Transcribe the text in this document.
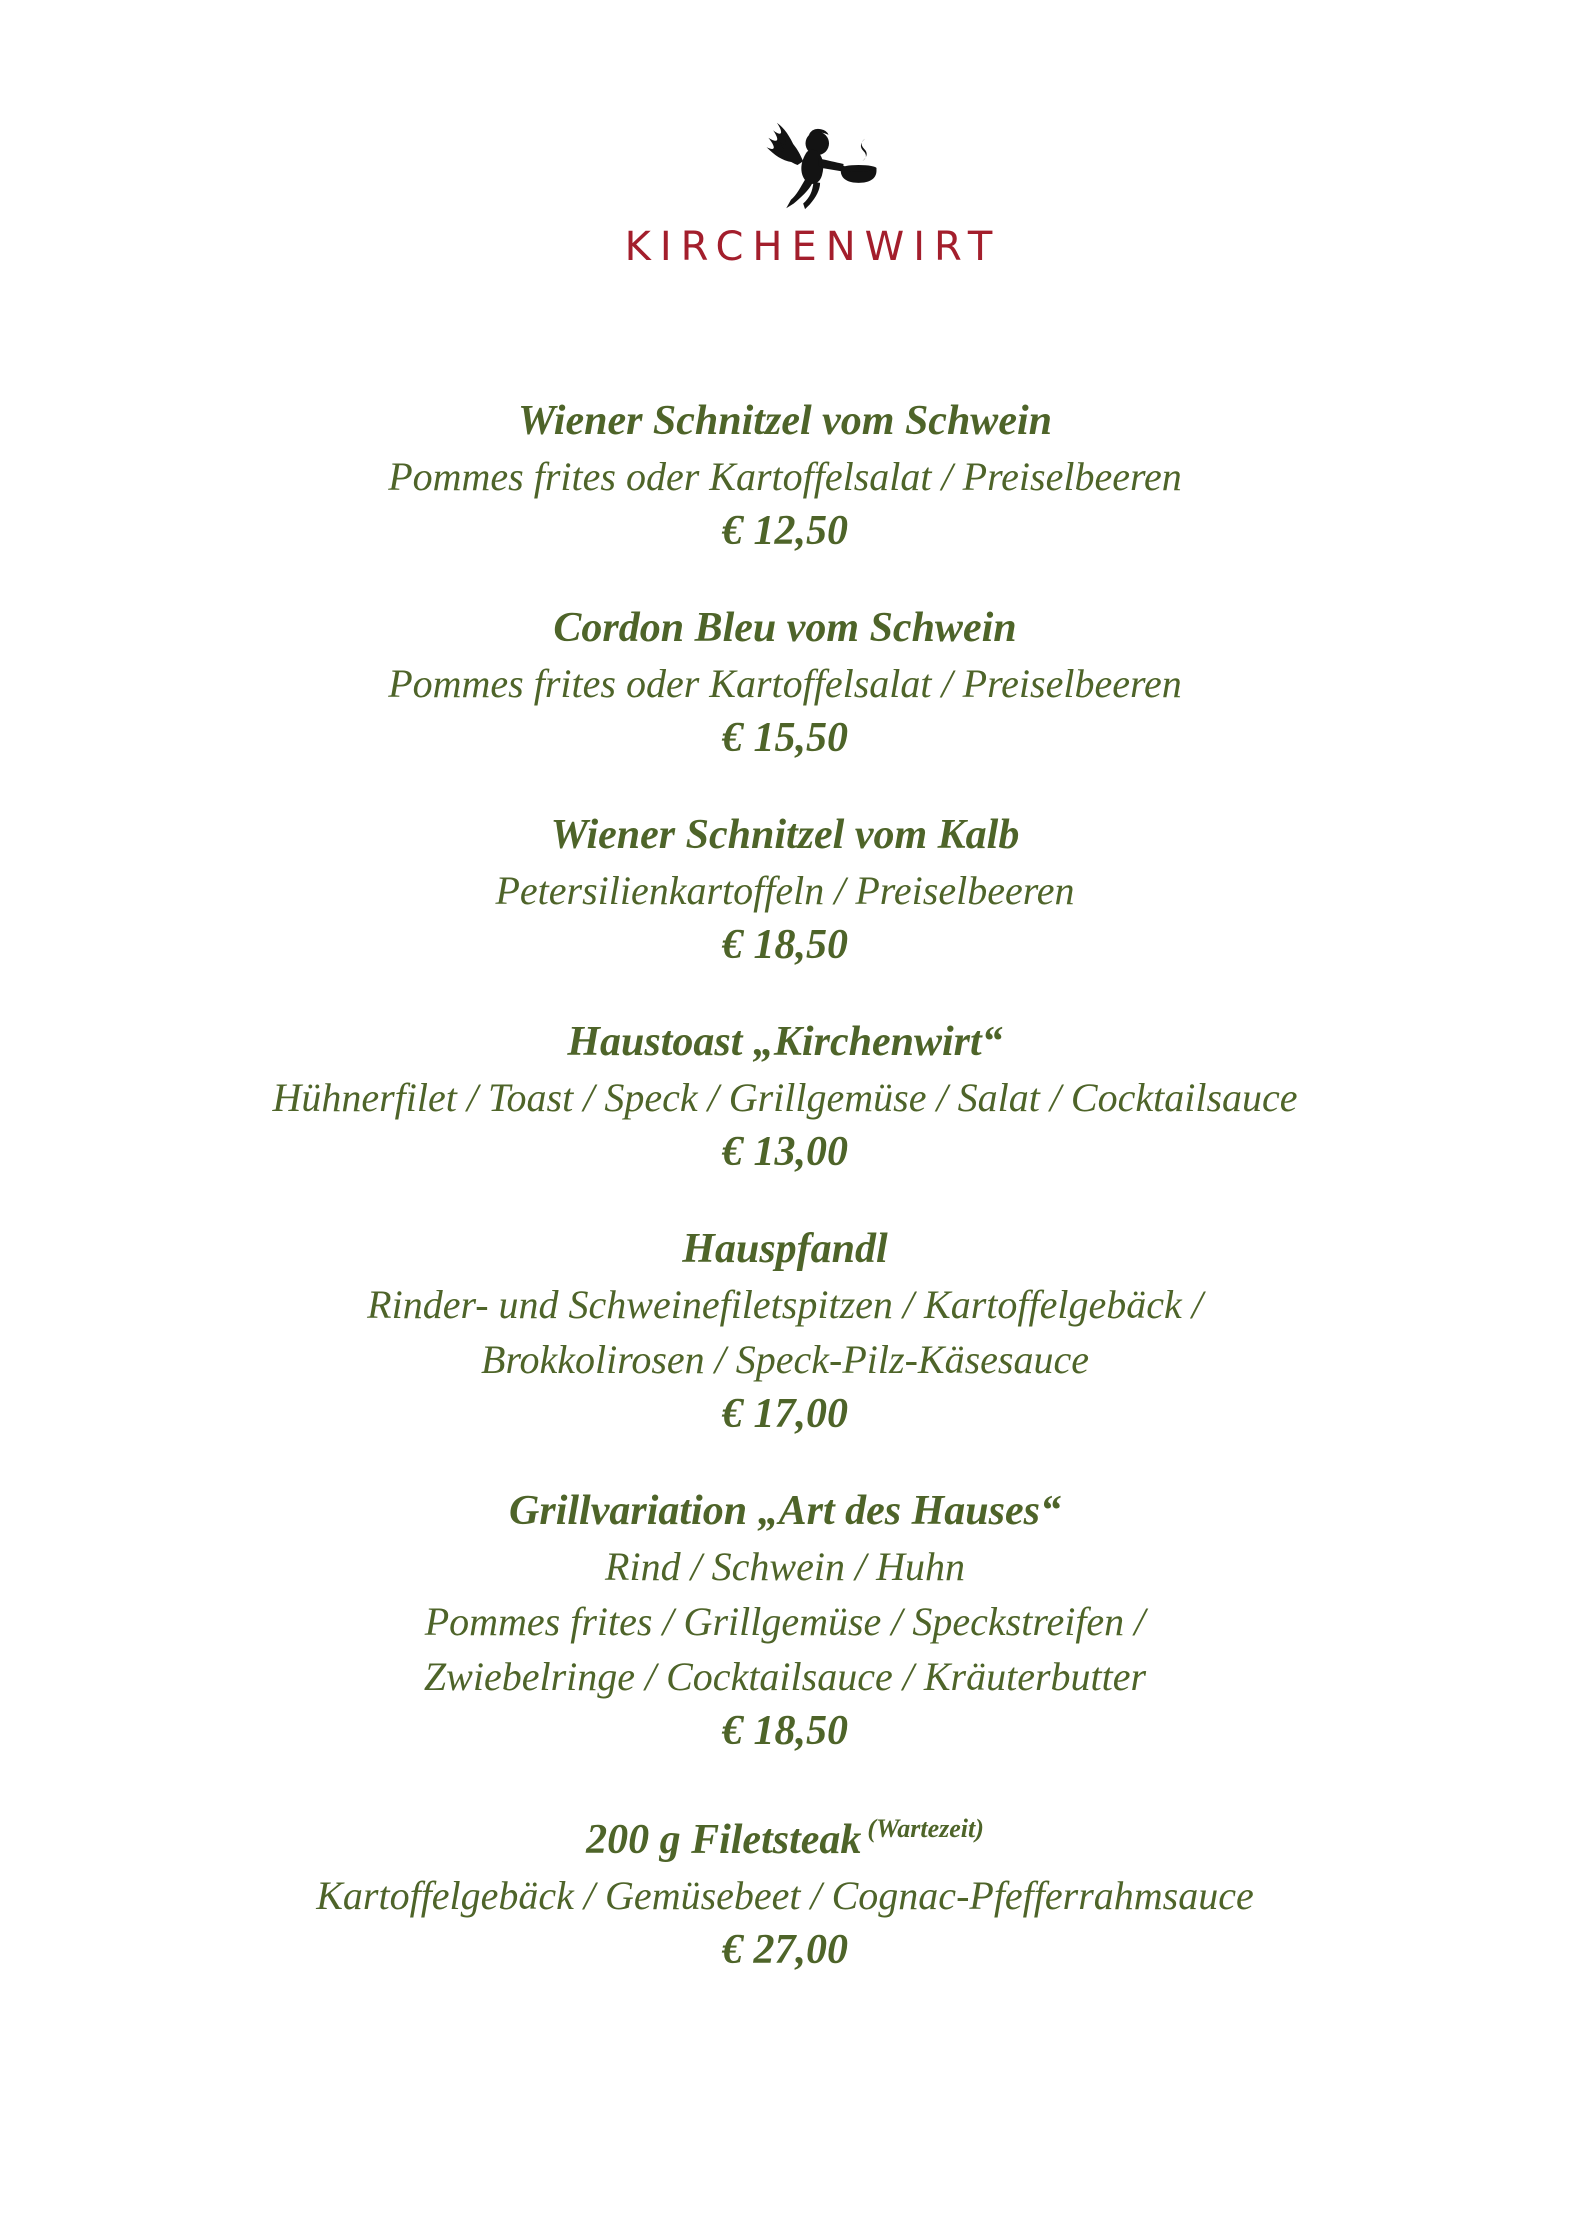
KIRCHENWIRT
Wiener Schnitzel vom Schwein
Pommes frites oder Kartoffelsalat / Preiselbeeren
€ 12,50
Cordon Bleu vom Schwein
Pommes frites oder Kartoffelsalat / Preiselbeeren
€ 15,50
Wiener Schnitzel vom Kalb
Petersilienkartoffeln / Preiselbeeren
€ 18,50
Haustoast „Kirchenwirt“
Hühnerfilet / Toast / Speck / Grillgemüse / Salat / Cocktailsauce
€ 13,00
Hauspfandl
Rinder- und Schweinefiletspitzen / Kartoffelgebäck /
Brokkolirosen / Speck-Pilz-Käsesauce
€ 17,00
Grillvariation „Art des Hauses“
Rind / Schwein / Huhn
Pommes frites / Grillgemüse / Speckstreifen /
Zwiebelringe / Cocktailsauce / Kräuterbutter
€ 18,50
200 g Filetsteak $^{(Wartezeit)}$
Kartoffelgebäck / Gemüsebeet / Cognac-Pfefferrahmsauce
€ 27,00
